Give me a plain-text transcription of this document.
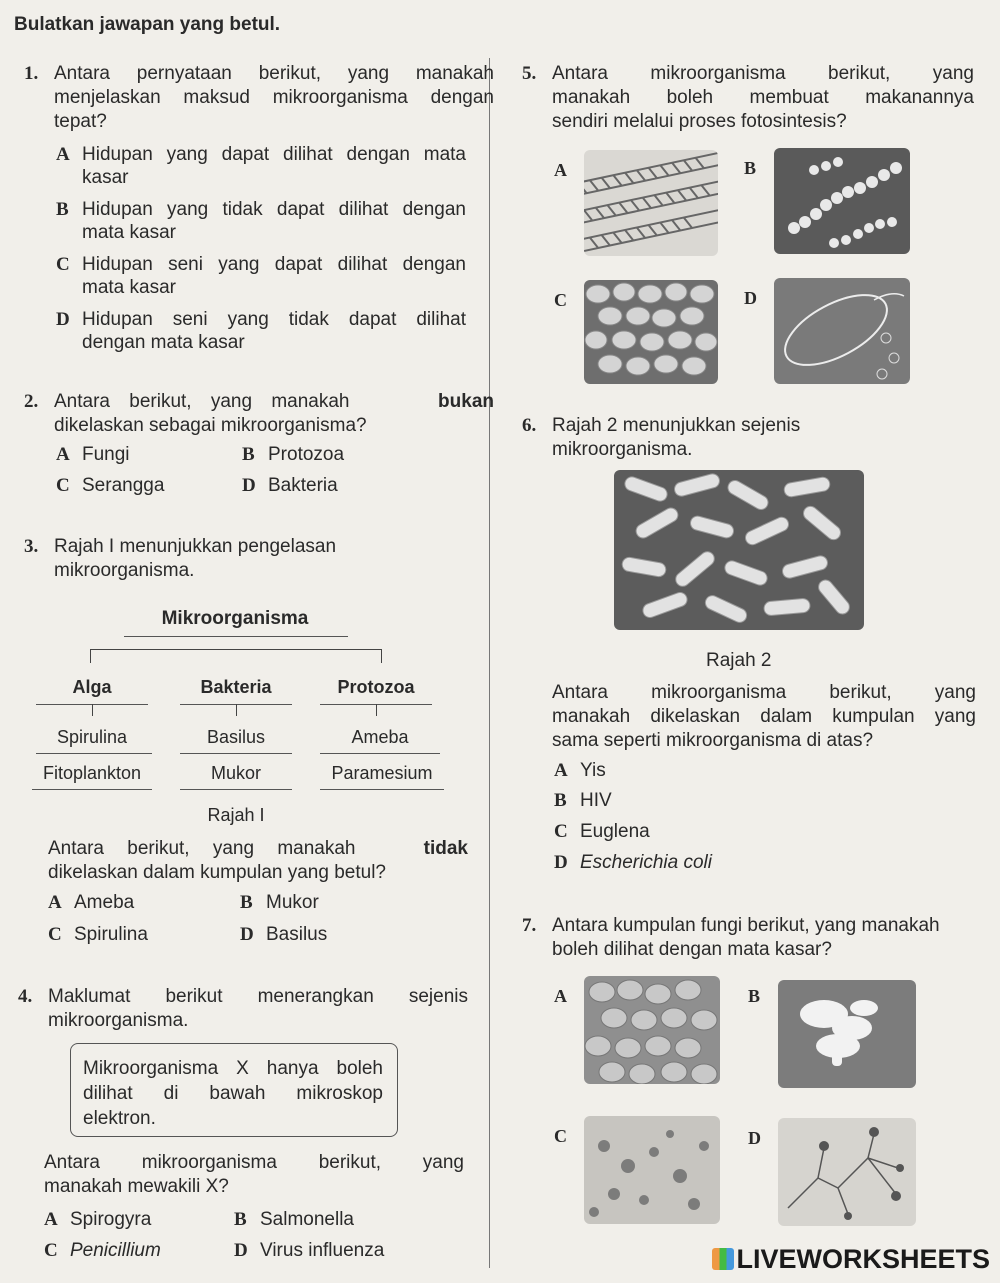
Bulatkan jawapan yang betul.
1. Antara pernyataan berikut, yang manakah
menjelaskan maksud mikroorganisma dengan
tepat?
A Hidupan yang dapat dilihat dengan mata
kasar
B Hidupan yang tidak dapat dilihat dengan
mata kasar
C Hidupan seni yang dapat dilihat dengan
mata kasar
D Hidupan seni yang tidak dapat dilihat
dengan mata kasar
2. Antara berikut, yang manakah	bukan
dikelaskan sebagai mikroorganisma?
A Fungi	B Protozoa
C Serangga	D Bakteria
3. Rajah I menunjukkan pengelasan
mikroorganisma.
Mikroorganisma
Alga	Bakteria	Protozoa
Spirulina	Basilus	Ameba
Fitoplankton	Mukor	Paramesium
Rajah I
Antara berikut, yang manakah	tidak
dikelaskan dalam kumpulan yang betul?
A Ameba	B Mukor
C Spirulina	D Basilus
4. Maklumat berikut menerangkan sejenis
mikroorganisma.
Mikroorganisma X hanya boleh
dilihat di bawah mikroskop
elektron.
Antara mikroorganisma berikut, yang
manakah mewakili X?
A Spirogyra	B Salmonella
C Penicillium	D Virus influenza
5. Antara mikroorganisma berikut, yang
manakah boleh membuat makanannya
sendiri melalui proses fotosintesis?
A	B
C	D
6. Rajah 2 menunjukkan sejenis
mikroorganisma.
Rajah 2
Antara mikroorganisma berikut, yang
manakah dikelaskan dalam kumpulan yang
sama seperti mikroorganisma di atas?
A Yis
B HIV
C Euglena
D Escherichia coli
7. Antara kumpulan fungi berikut, yang manakah
boleh dilihat dengan mata kasar?
A	B
C	D
LIVEWORKSHEETS
